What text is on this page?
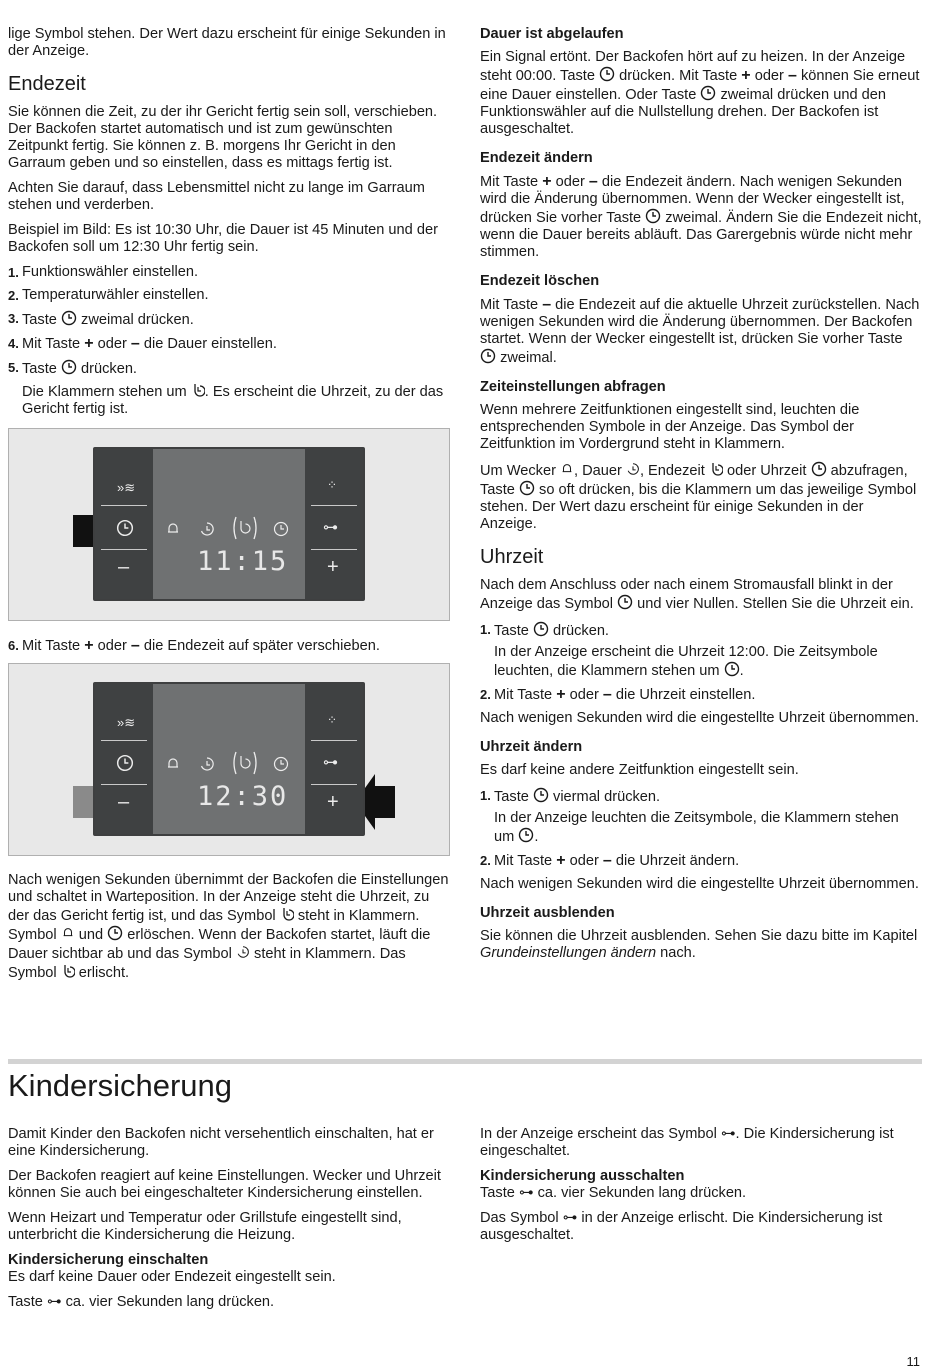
lige Symbol stehen. Der Wert dazu erscheint für einige Sekunden in der Anzeige.

Endezeit

Sie können die Zeit, zu der ihr Gericht fertig sein soll, verschieben. Der Backofen startet automatisch und ist zum gewünschten Zeitpunkt fertig. Sie können z. B. morgens Ihr Gericht in den Garraum geben und so einstellen, dass es mittags fertig ist.

Achten Sie darauf, dass Lebensmittel nicht zu lange im Garraum stehen und verderben.

Beispiel im Bild: Es ist 10:30 Uhr, die Dauer ist 45 Minuten und der Backofen soll um 12:30 Uhr fertig sein.

1. Funktionswähler einstellen.
2. Temperaturwähler einstellen.
3. Taste zweimal drücken.
4. Mit Taste + oder – die Dauer einstellen.
5. Taste drücken.
Die Klammern stehen um . Es erscheint die Uhrzeit, zu der das Gericht fertig ist.
»≋
–	11:15
⁘
⊶
+
6. Mit Taste + oder – die Endezeit auf später verschieben.
»≋
–	12:30
⁘
⊶
+

Nach wenigen Sekunden übernimmt der Backofen die Einstellungen und schaltet in Warteposition. In der Anzeige steht die Uhrzeit, zu der das Gericht fertig ist, und das Symbol steht in Klammern. Symbol und erlöschen. Wenn der Backofen startet, läuft die Dauer sichtbar ab und das Symbol steht in Klammern. Das Symbol erlischt.

Dauer ist abgelaufen

Ein Signal ertönt. Der Backofen hört auf zu heizen. In der Anzeige steht 00:00. Taste drücken. Mit Taste + oder – können Sie erneut eine Dauer einstellen. Oder Taste zweimal drücken und den Funktionswähler auf die Nullstellung drehen. Der Backofen ist ausgeschaltet.

Endezeit ändern

Mit Taste + oder – die Endezeit ändern. Nach wenigen Sekunden wird die Änderung übernommen. Wenn der Wecker eingestellt ist, drücken Sie vorher Taste zweimal. Ändern Sie die Endezeit nicht, wenn die Dauer bereits abläuft. Das Garergebnis würde nicht mehr stimmen.

Endezeit löschen

Mit Taste – die Endezeit auf die aktuelle Uhrzeit zurückstellen. Nach wenigen Sekunden wird die Änderung übernommen. Der Backofen startet. Wenn der Wecker eingestellt ist, drücken Sie vorher Taste
zweimal.

Zeiteinstellungen abfragen

Wenn mehrere Zeitfunktionen eingestellt sind, leuchten die entsprechenden Symbole in der Anzeige. Das Symbol der Zeitfunktion im Vordergrund steht in Klammern.

Um Wecker , Dauer , Endezeit oder Uhrzeit abzufragen, Taste so oft drücken, bis die Klammern um das jeweilige Symbol stehen. Der Wert dazu erscheint für einige Sekunden in der Anzeige.

Uhrzeit

Nach dem Anschluss oder nach einem Stromausfall blinkt in der Anzeige das Symbol und vier Nullen. Stellen Sie die Uhrzeit ein.

1. Taste drücken.
In der Anzeige erscheint die Uhrzeit 12:00. Die Zeitsymbole leuchten, die Klammern stehen um .
2. Mit Taste + oder – die Uhrzeit einstellen.

Nach wenigen Sekunden wird die eingestellte Uhrzeit übernommen.

Uhrzeit ändern

Es darf keine andere Zeitfunktion eingestellt sein.

1. Taste viermal drücken.
In der Anzeige leuchten die Zeitsymbole, die Klammern stehen um .
2. Mit Taste + oder – die Uhrzeit ändern.

Nach wenigen Sekunden wird die eingestellte Uhrzeit übernommen.

Uhrzeit ausblenden

Sie können die Uhrzeit ausblenden. Sehen Sie dazu bitte im Kapitel Grundeinstellungen ändern nach.

Kindersicherung

Damit Kinder den Backofen nicht versehentlich einschalten, hat er eine Kindersicherung.

Der Backofen reagiert auf keine Einstellungen. Wecker und Uhrzeit können Sie auch bei eingeschalteter Kindersicherung einstellen.

Wenn Heizart und Temperatur oder Grillstufe eingestellt sind, unterbricht die Kindersicherung die Heizung.

Kindersicherung einschalten

Es darf keine Dauer oder Endezeit eingestellt sein.

Taste ⊶ ca. vier Sekunden lang drücken.

In der Anzeige erscheint das Symbol ⊶. Die Kindersicherung ist eingeschaltet.

Kindersicherung ausschalten

Taste ⊶ ca. vier Sekunden lang drücken.

Das Symbol ⊶ in der Anzeige erlischt. Die Kindersicherung ist ausgeschaltet.

11
